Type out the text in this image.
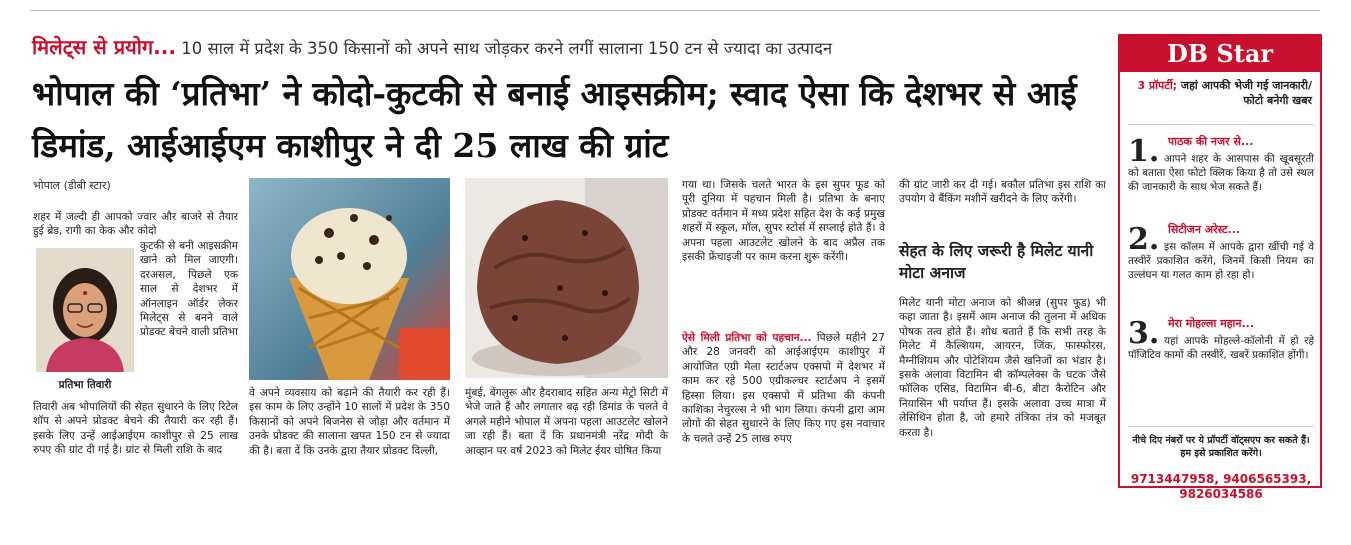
मिलेट्स से प्रयोग... 10 साल में प्रदेश के 350 किसानों को अपने साथ जोड़कर करने लगीं सालाना 150 टन से ज्यादा का उत्पादन
भोपाल की ‘प्रतिभा’ ने कोदो-कुटकी से बनाई आइसक्रीम; स्वाद ऐसा कि देशभर से आई डिमांड, आईआईएम काशीपुर ने दी 25 लाख की ग्रांट
भोपाल (डीबी स्टार)
शहर में जल्दी ही आपको ज्वार और बाजरे से तैयार हुई ब्रेड, रागी का केक और कोदो
कुटकी से बनी आइसक्रीम खाने को मिल जाएगी। दरअसल, पिछले एक साल से देशभर में ऑनलाइन ऑर्डर लेकर मिलेट्स से बनने वाले प्रोडक्ट बेचने वाली प्रतिभा
प्रतिभा तिवारी
तिवारी अब भोपालियों की सेहत सुधारने के लिए रिटेल शॉप से अपने प्रोडक्ट बेचने की तैयारी कर रही हैं। इसके लिए उन्हें आईआईएम काशीपुर से 25 लाख रुपए की ग्रांट दी गई है। ग्रांट से मिली राशि के बाद
वे अपने व्यवसाय को बढ़ाने की तैयारी कर रही हैं। इस काम के लिए उन्होंने 10 सालों में प्रदेश के 350 किसानों को अपने बिजनेस से जोड़ा और वर्तमान में उनके प्रोडक्ट की सालाना खपत 150 टन से ज्यादा की है। बता दें कि उनके द्वारा तैयार प्रोडक्ट दिल्ली,
मुंबई, बेंगलुरू और हैदराबाद सहित अन्य मेट्रो सिटी में भेजे जाते हैं और लगातार बढ़ रही डिमांड के चलते वे अगले महीने भोपाल में अपना पहला आउटलेट खोलने जा रही हैं। बता दें कि प्रधानमंत्री नरेंद्र मोदी के आव्हान पर वर्ष 2023 को मिलेट ईयर घोषित किया
गया था। जिसके चलते भारत के इस सुपर फूड को पूरी दुनिया में पहचान मिली है। प्रतिभा के बनाए प्रोडक्ट वर्तमान में मध्य प्रदेश सहित देश के कई प्रमुख शहरों में स्कूल, मॉल, सुपर स्टोर्स में सप्लाई होते हैं। वे अपना पहला आउटलेट खोलने के बाद अप्रैल तक इसकी फ्रेंचाइजी पर काम करना शुरू करेंगी।
ऐसे मिली प्रतिभा को पहचान... पिछले महीने 27 और 28 जनवरी को आईआईएम काशीपुर में आयोजित एग्री मेला स्टार्टअप एक्सपो में देशभर में काम कर रहे 500 एग्रीकल्चर स्टार्टअप ने इसमें हिस्सा लिया। इस एक्सपो में प्रतिभा की कंपनी काशिका नेचुरल्स ने भी भाग लिया। कंपनी द्वारा आम लोगों की सेहत सुधारने के लिए किए गए इस नवाचार के चलते उन्हें 25 लाख रुपए
की ग्रांट जारी कर दी गई। बकौल प्रतिभा इस राशि का उपयोग वे बैंकिंग मशीनें खरीदने के लिए करेंगी।
सेहत के लिए जरूरी है मिलेट यानी मोटा अनाज
मिलेट यानी मोटा अनाज को श्रीअन्न (सुपर फूड) भी कहा जाता है। इसमें आम अनाज की तुलना में अधिक पोषक तत्व होते हैं। शोध बताते हैं कि सभी तरह के मिलेट में कैल्शियम, आयरन, जिंक, फास्फोरस, मैग्नीशियम और पोटेशियम जैसे खनिजों का भंडार है। इसके अलावा विटामिन बी कॉम्पलेक्स के घटक जैसे फॉलिक एसिड, विटामिन बी-6, बीटा कैरोटिन और नियासिन भी पर्याप्त हैं। इसके अलावा उच्च मात्रा में लेसिथिन होता है, जो हमारे तंत्रिका तंत्र को मजबूत करता है।
DB Star
3 प्रॉपर्टी; जहां आपकी भेजी गई जानकारी/ फोटो बनेगी खबर
1. पाठक की नजर से...
आपने शहर के आसपास की खूबसूरती को बताता ऐसा फोटो क्लिक किया है तो उसे स्थल की जानकारी के साथ भेज सकते हैं।
2. सिटीजन अरेस्ट...
इस कॉलम में आपके द्वारा खींची गई वे तस्वीरें प्रकाशित करेंगे, जिनमें किसी नियम का उल्लंघन या गलत काम हो रहा हो।
3. मेरा मोहल्ला महान...
यहां आपके मोहल्ले-कॉलोनी में हो रहे पॉजिटिव कामों की तस्वीरें, खबरें प्रकाशित होंगी।
नीचे दिए नंबरों पर ये प्रॉपर्टी वॉट्सएप कर सकते हैं। हम इसे प्रकाशित करेंगे।
9713447958, 9406565393, 9826034586
